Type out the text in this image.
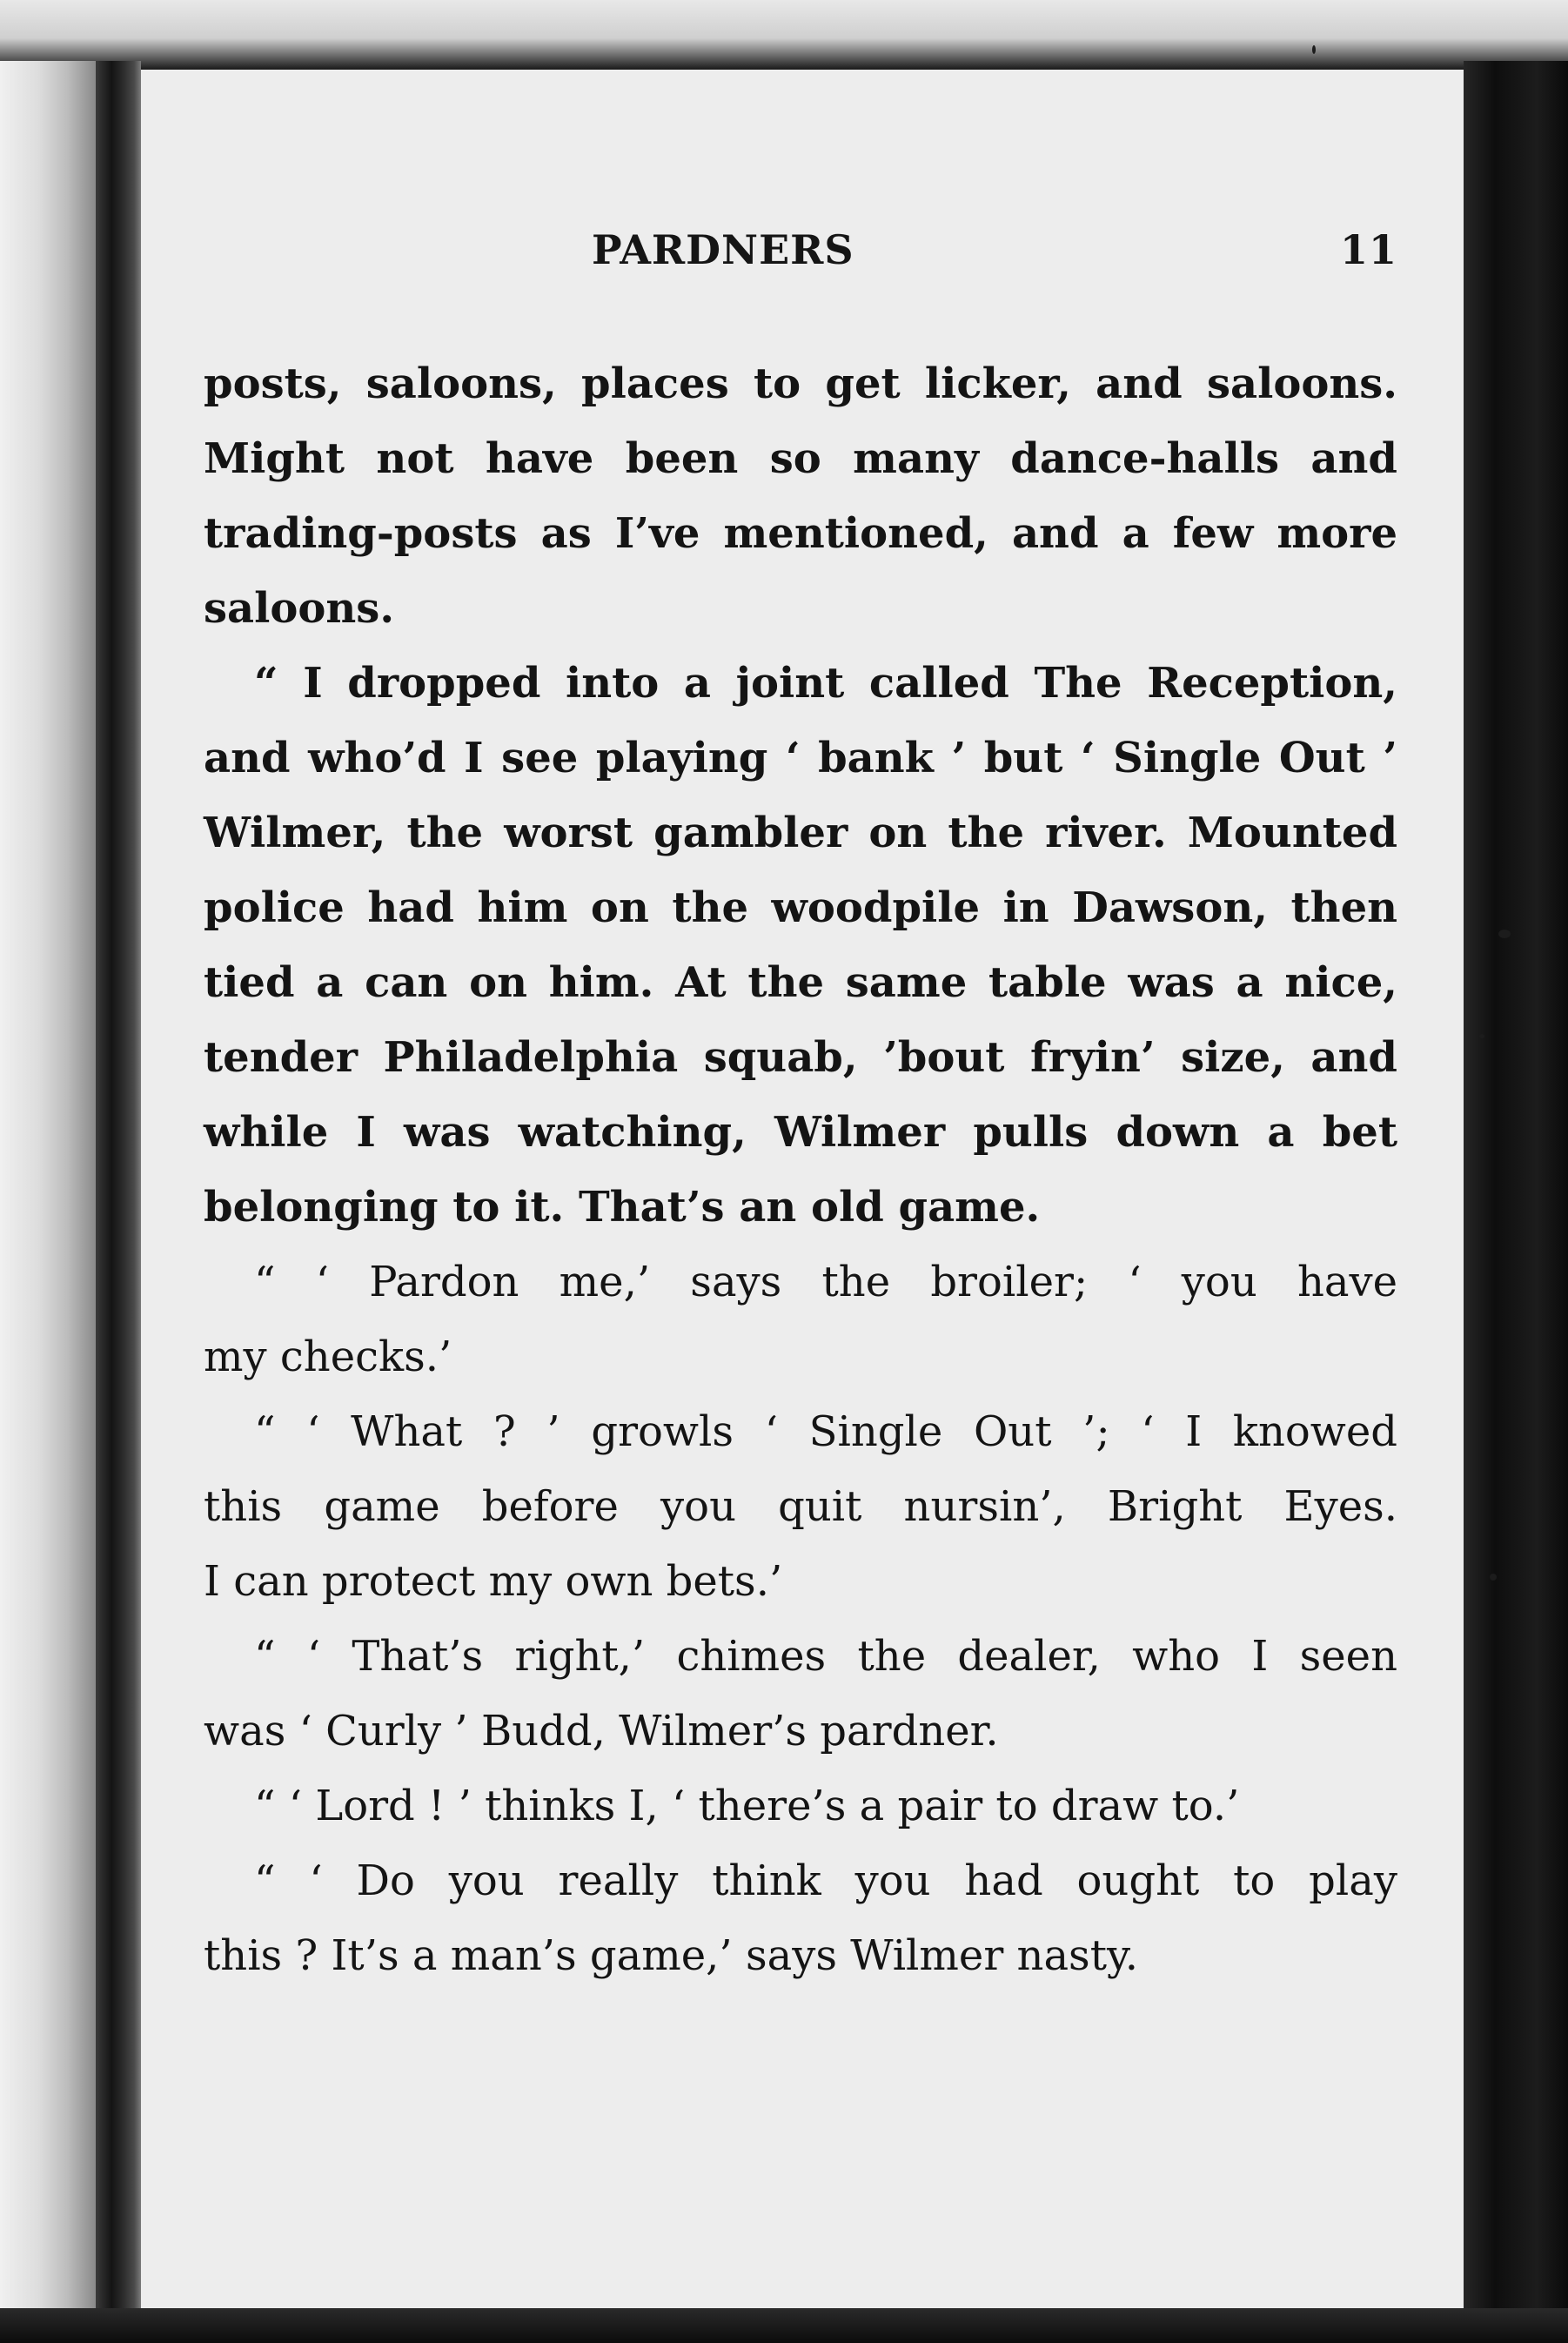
PARDNERS	11
posts, saloons, places to get licker, and saloons.
Might not have been so many dance-halls and
trading-posts as I’ve mentioned, and a few more
saloons.
“ I dropped into a joint called The Reception,
and who’d I see playing ‘ bank ’ but ‘ Single Out ’
Wilmer, the worst gambler on the river. Mounted
police had him on the woodpile in Dawson, then
tied a can on him. At the same table was a nice,
tender Philadelphia squab, ’bout fryin’ size, and
while I was watching, Wilmer pulls down a bet
belonging to it. That’s an old game.
“ ‘ Pardon me,’ says the broiler; ‘ you have
my checks.’
“ ‘ What ? ’ growls ‘ Single Out ’; ‘ I knowed
this game before you quit nursin’, Bright Eyes.
I can protect my own bets.’
“ ‘ That’s right,’ chimes the dealer, who I seen
was ‘ Curly ’ Budd, Wilmer’s pardner.
“ ‘ Lord ! ’ thinks I, ‘ there’s a pair to draw to.’
“ ‘ Do you really think you had ought to play
this ? It’s a man’s game,’ says Wilmer nasty.
